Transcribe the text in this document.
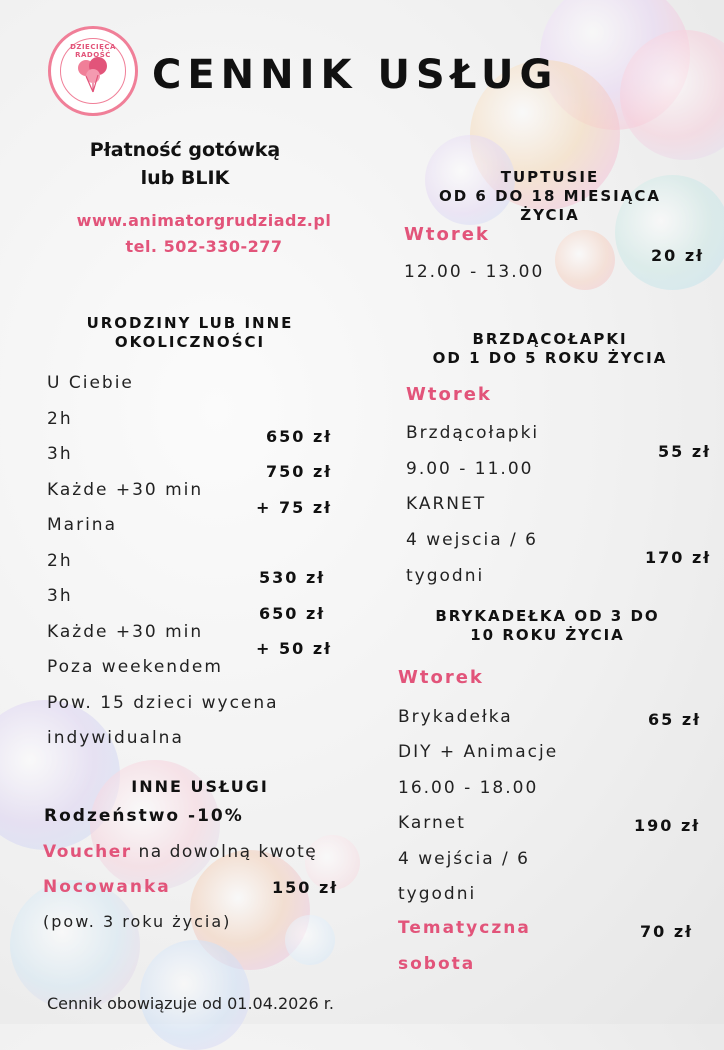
DZIECIĘCA RADOŚĆ	CENNIK USŁUG
Płatność gotówką
lub BLIK
www.animatorgrudziadz.pl
tel. 502-330-277
URODZINY LUB INNE
OKOLICZNOŚCI
U Ciebie
2h
3h
Każde +30 min
Marina
2h
3h
Każde +30 min
Poza weekendem
Pow. 15 dzieci wycena
indywidualna
650 zł
750 zł
+ 75 zł
530 zł
650 zł
+ 50 zł
INNE USŁUGI
Rodzeństwo -10%
Voucher na dowolną kwotę
Nocowanka	150 zł
(pow. 3 roku życia)
Cennik obowiązuje od 01.04.2026 r.
TUPTUSIE
OD 6 DO 18 MIESIĄCA
ŻYCIA
Wtorek
20 zł
12.00 - 13.00
BRZDĄCOŁAPKI
OD 1 DO 5 ROKU ŻYCIA
Wtorek
Brzdącołapki
9.00 - 11.00
KARNET
4 wejscia / 6
tygodni
55 zł
170 zł
BRYKADEŁKA OD 3 DO
10 ROKU ŻYCIA
Wtorek
Brykadełka
DIY + Animacje
16.00 - 18.00
Karnet
4 wejścia / 6
tygodni
65 zł
190 zł
Tematyczna
sobota
70 zł
